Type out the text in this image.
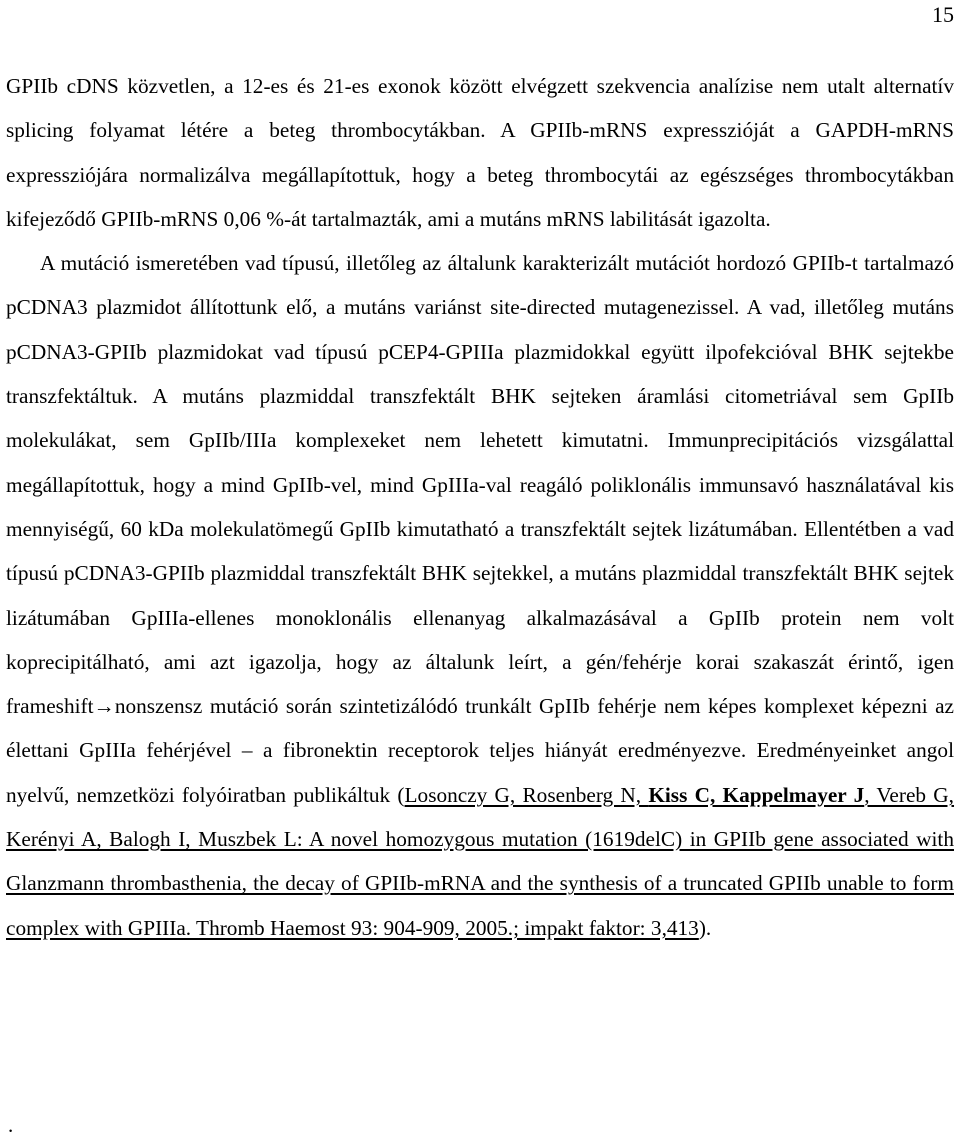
15

GPIIb cDNS közvetlen, a 12-es és 21-es exonok között elvégzett szekvencia analízise nem utalt alternatív splicing folyamat létére a beteg thrombocytákban. A GPIIb-mRNS expresszióját a GAPDH-mRNS expressziójára normalizálva megállapítottuk, hogy a beteg thrombocytái az egészséges thrombocytákban kifejeződő GPIIb-mRNS 0,06 %-át tartalmazták, ami a mutáns mRNS labilitását igazolta.

A mutáció ismeretében vad típusú, illetőleg az általunk karakterizált mutációt hordozó GPIIb-t tartalmazó pCDNA3 plazmidot állítottunk elő, a mutáns variánst site-directed mutagenezissel. A vad, illetőleg mutáns pCDNA3-GPIIb plazmidokat vad típusú pCEP4-GPIIIa plazmidokkal együtt ilpofekcióval BHK sejtekbe transzfektáltuk. A mutáns plazmiddal transzfektált BHK sejteken áramlási citometriával sem GpIIb molekulákat, sem GpIIb/IIIa komplexeket nem lehetett kimutatni. Immunprecipitációs vizsgálattal megállapítottuk, hogy a mind GpIIb-vel, mind GpIIIa-val reagáló poliklonális immunsavó használatával kis mennyiségű, 60 kDa molekulatömegű GpIIb kimutatható a transzfektált sejtek lizátumában. Ellentétben a vad típusú pCDNA3-GPIIb plazmiddal transzfektált BHK sejtekkel, a mutáns plazmiddal transzfektált BHK sejtek lizátumában GpIIIa-ellenes monoklonális ellenanyag alkalmazásával a GpIIb protein nem volt koprecipitálható, ami azt igazolja, hogy az általunk leírt, a gén/fehérje korai szakaszát érintő, igen frameshift→nonszensz mutáció során szintetizálódó trunkált GpIIb fehérje nem képes komplexet képezni az élettani GpIIIa fehérjével – a fibronektin receptorok teljes hiányát eredményezve. Eredményeinket angol nyelvű, nemzetközi folyóiratban publikáltuk (Losonczy G, Rosenberg N, Kiss C, Kappelmayer J, Vereb G, Kerényi A, Balogh I, Muszbek L: A novel homozygous mutation (1619delC) in GPIIb gene associated with Glanzmann thrombasthenia, the decay of GPIIb-mRNA and the synthesis of a truncated GPIIb unable to form complex with GPIIIa. Thromb Haemost 93: 904-909, 2005.; impakt faktor: 3,413).

.
